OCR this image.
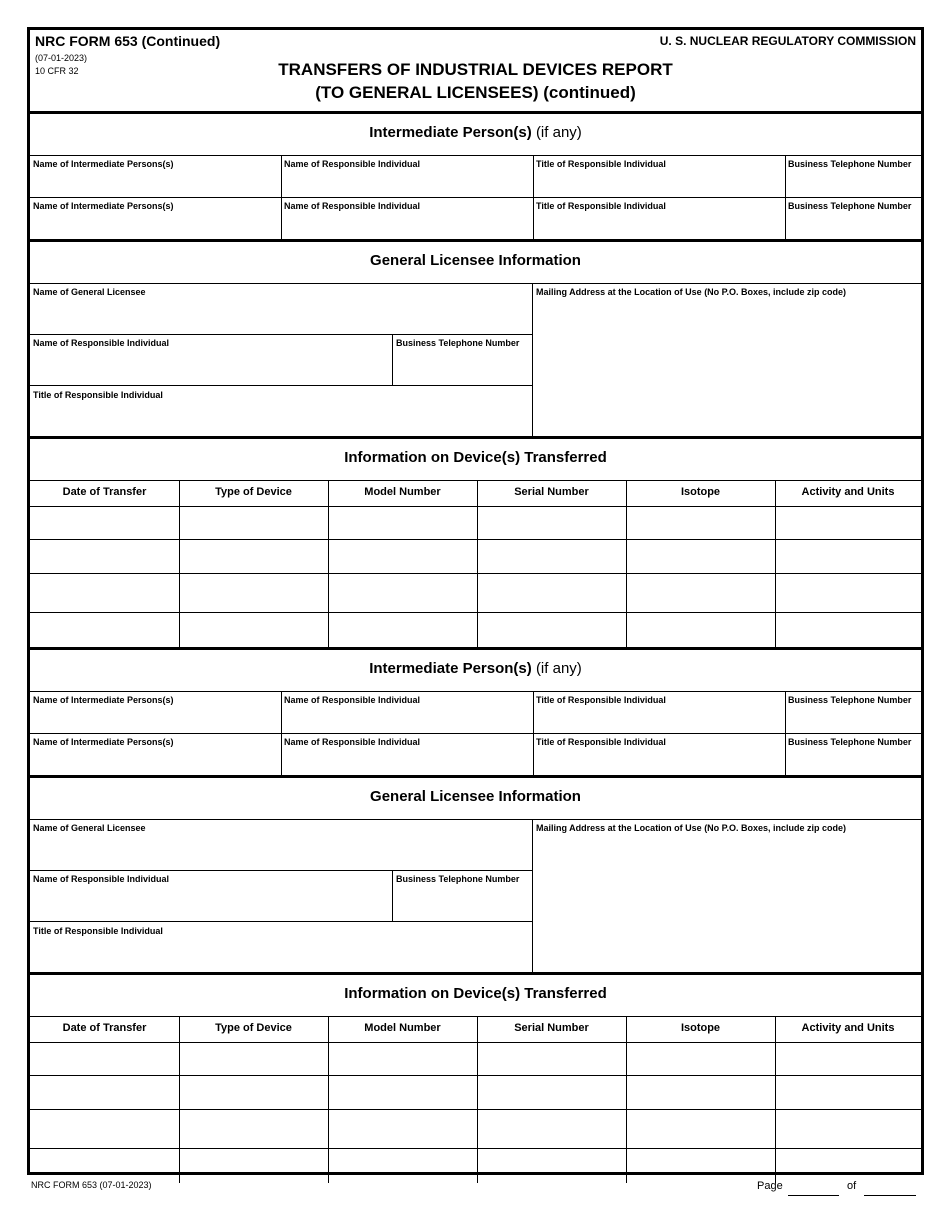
NRC FORM 653 (Continued)
(07-01-2023)
10 CFR 32
U. S. NUCLEAR REGULATORY COMMISSION
TRANSFERS OF INDUSTRIAL DEVICES REPORT
(TO GENERAL LICENSEES) (continued)
Intermediate Person(s) (if any)
Name of Intermediate Persons(s)	Name of Responsible Individual	Title of Responsible Individual	Business Telephone Number
Name of Intermediate Persons(s)	Name of Responsible Individual	Title of Responsible Individual	Business Telephone Number
General Licensee Information
Name of General Licensee	Mailing Address at the Location of Use (No P.O. Boxes, include zip code)
Name of Responsible Individual	Business Telephone Number
Title of Responsible Individual
Information on Device(s) Transferred
Date of Transfer	Type of Device	Model Number	Serial Number	Isotope	Activity and Units
Intermediate Person(s) (if any)
Name of Intermediate Persons(s)	Name of Responsible Individual	Title of Responsible Individual	Business Telephone Number
Name of Intermediate Persons(s)	Name of Responsible Individual	Title of Responsible Individual	Business Telephone Number
General Licensee Information
Name of General Licensee	Mailing Address at the Location of Use (No P.O. Boxes, include zip code)
Name of Responsible Individual	Business Telephone Number
Title of Responsible Individual
Information on Device(s) Transferred
Date of Transfer	Type of Device	Model Number	Serial Number	Isotope	Activity and Units
NRC FORM 653 (07-01-2023)	Page	of
